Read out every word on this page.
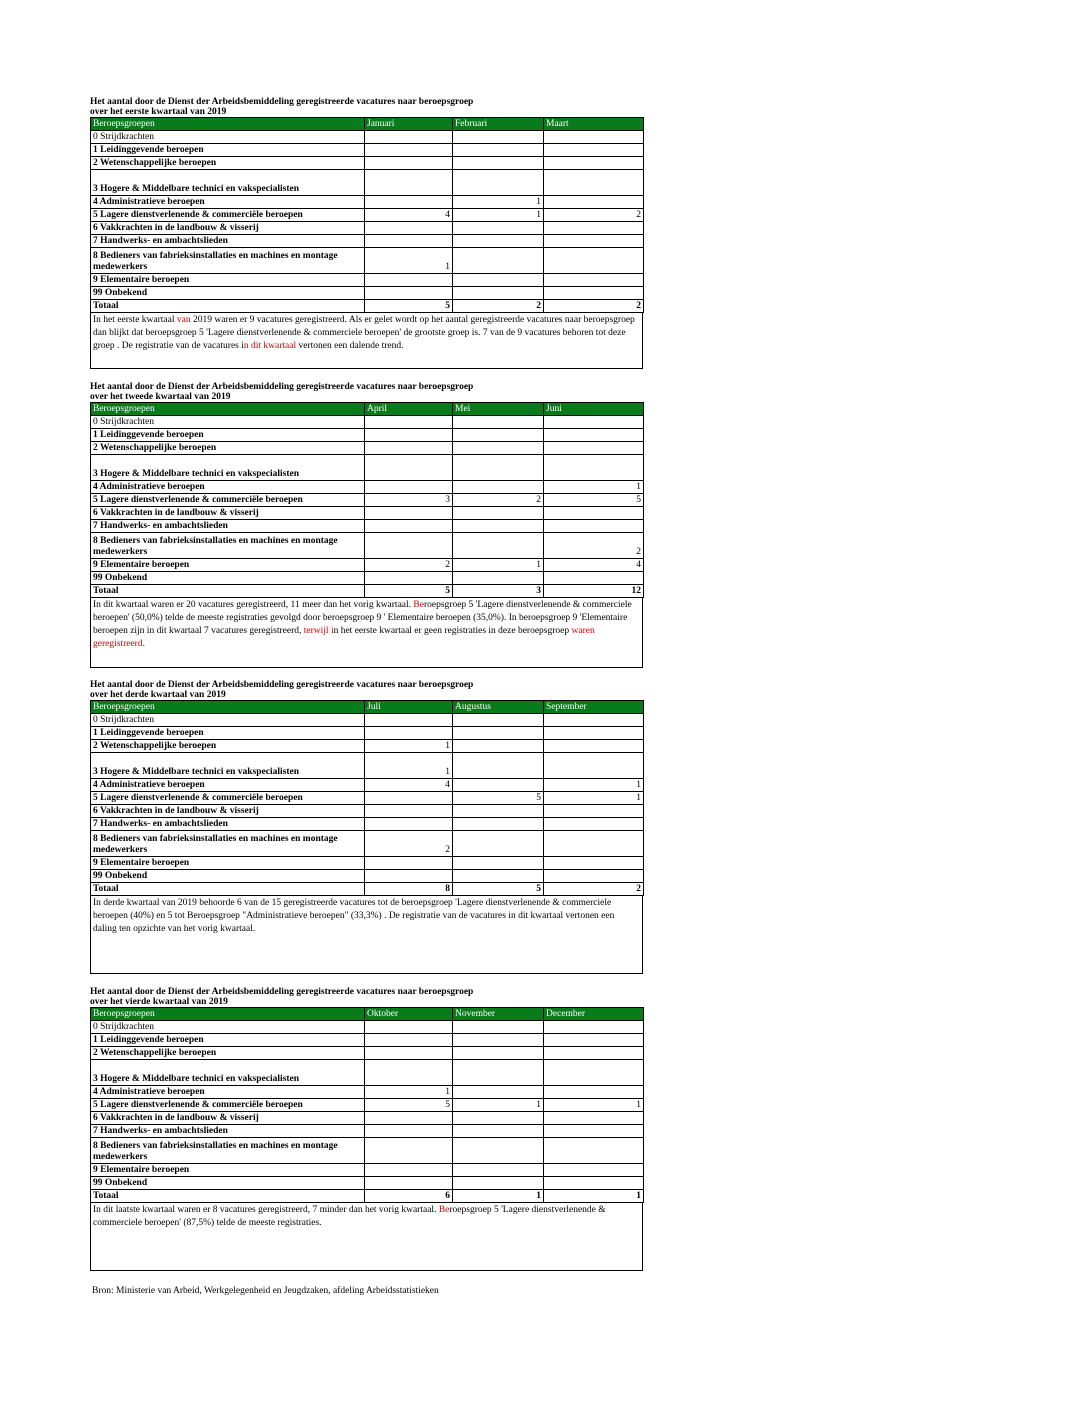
Het aantal door de Dienst der Arbeidsbemiddeling geregistreerde vacatures naar beroepsgroep
over het eerste kwartaal van 2019
Beroepsgroepen	Januari	Februari	Maart
0 Strijdkrachten			
1 Leidinggevende beroepen			
2 Wetenschappelijke beroepen			
3 Hogere & Middelbare technici en vakspecialisten			
4 Administratieve beroepen		1	
5 Lagere dienstverlenende & commerciële beroepen	4	1	2
6 Vakkrachten in de landbouw & visserij			
7 Handwerks- en ambachtslieden			
8 Bedieners van fabrieksinstallaties en machines en montage medewerkers	1		
9 Elementaire beroepen			
99 Onbekend			
Totaal	5	2	2
In het eerste kwartaal van 2019 waren er 9 vacatures geregistreerd. Als er gelet wordt op het aantal geregistreerde vacatures naar beroepsgroep dan blijkt dat beroepsgroep 5 'Lagere dienstverlenende & commerciele beroepen' de grootste groep is. 7 van de 9 vacatures behoren tot deze groep . De registratie van de vacatures in dit kwartaal vertonen een dalende trend.
Het aantal door de Dienst der Arbeidsbemiddeling geregistreerde vacatures naar beroepsgroep
over het tweede kwartaal van 2019
Beroepsgroepen	April	Mei	Juni
0 Strijdkrachten			
1 Leidinggevende beroepen			
2 Wetenschappelijke beroepen			
3 Hogere & Middelbare technici en vakspecialisten			
4 Administratieve beroepen			1
5 Lagere dienstverlenende & commerciële beroepen	3	2	5
6 Vakkrachten in de landbouw & visserij			
7 Handwerks- en ambachtslieden			
8 Bedieners van fabrieksinstallaties en machines en montage medewerkers			2
9 Elementaire beroepen	2	1	4
99 Onbekend			
Totaal	5	3	12
In dit kwartaal waren er 20 vacatures geregistreerd, 11 meer dan het vorig kwartaal. Beroepsgroep 5 'Lagere dienstverlenende & commerciele beroepen' (50,0%) telde de meeste registraties gevolgd door beroepsgroep 9 ' Elementaire beroepen (35,0%). In beroepsgroep 9 'Elementaire beroepen zijn in dit kwartaal 7 vacatures geregistreerd, terwijl in het eerste kwartaal er geen registraties in deze beroepsgroep waren geregistreerd.
Het aantal door de Dienst der Arbeidsbemiddeling geregistreerde vacatures naar beroepsgroep
over het derde kwartaal van 2019
Beroepsgroepen	Juli	Augustus	September
0 Strijdkrachten			
1 Leidinggevende beroepen			
2 Wetenschappelijke beroepen	1		
3 Hogere & Middelbare technici en vakspecialisten	1		
4 Administratieve beroepen	4		1
5 Lagere dienstverlenende & commerciële beroepen		5	1
6 Vakkrachten in de landbouw & visserij			
7 Handwerks- en ambachtslieden			
8 Bedieners van fabrieksinstallaties en machines en montage medewerkers	2		
9 Elementaire beroepen			
99 Onbekend			
Totaal	8	5	2
In derde kwartaal van 2019 behoorde 6 van de 15 geregistreerde vacatures tot de beroepsgroep 'Lagere dienstverlenende & commerciele beroepen (40%) en 5 tot Beroepsgroep "Administratieve beroepen" (33,3%) . De registratie van de vacatures in dit kwartaal vertonen een daling ten opzichte van het vorig kwartaal.
Het aantal door de Dienst der Arbeidsbemiddeling geregistreerde vacatures naar beroepsgroep
over het vierde kwartaal van 2019
Beroepsgroepen	Oktober	November	December
0 Strijdkrachten			
1 Leidinggevende beroepen			
2 Wetenschappelijke beroepen			
3 Hogere & Middelbare technici en vakspecialisten			
4 Administratieve beroepen	1		
5 Lagere dienstverlenende & commerciële beroepen	5	1	1
6 Vakkrachten in de landbouw & visserij			
7 Handwerks- en ambachtslieden			
8 Bedieners van fabrieksinstallaties en machines en montage medewerkers			
9 Elementaire beroepen			
99 Onbekend			
Totaal	6	1	1
In dit laatste kwartaal waren er 8 vacatures geregistreerd, 7 minder dan het vorig kwartaal. Beroepsgroep 5 'Lagere dienstverlenende & commerciele beroepen' (87,5%) telde de meeste registraties.
Bron: Ministerie van Arbeid, Werkgelegenheid en Jeugdzaken, afdeling Arbeidsstatistieken
